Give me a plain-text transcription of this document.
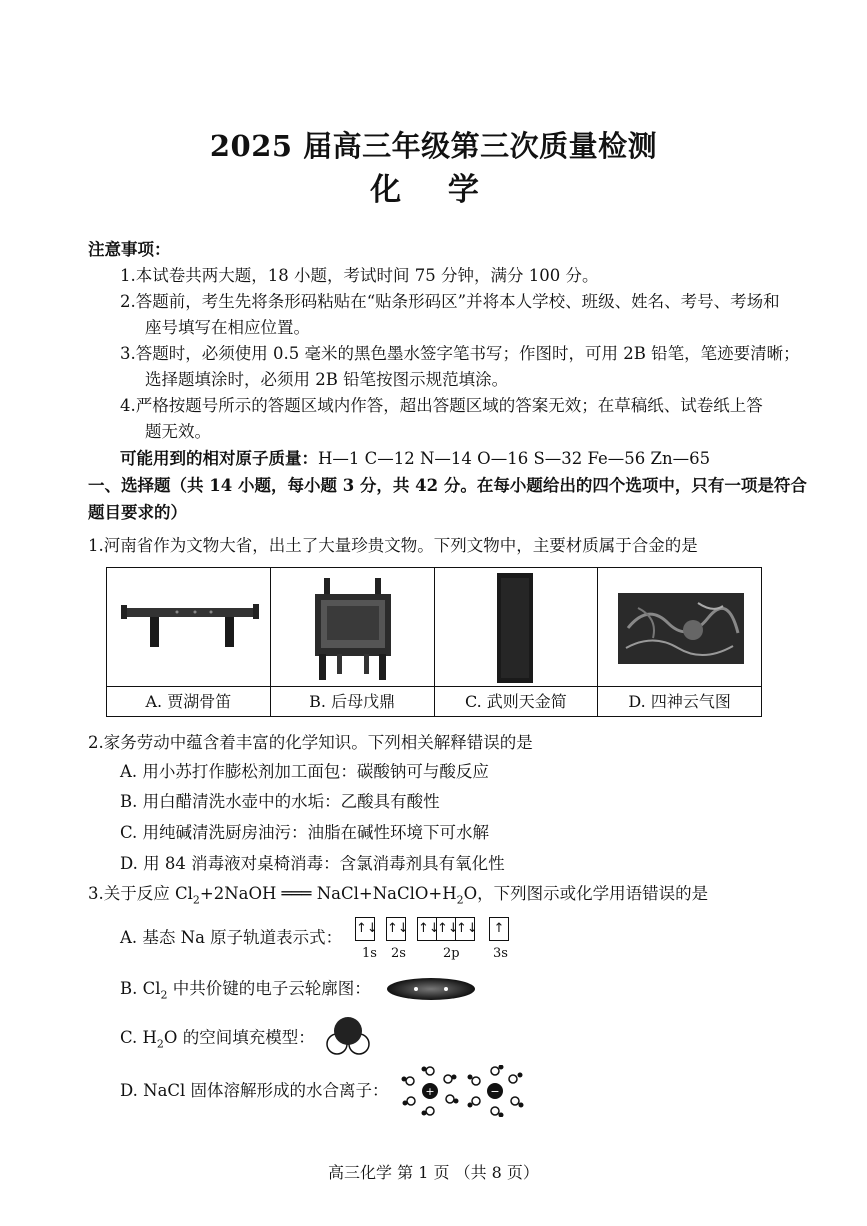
2025 届高三年级第三次质量检测
化 学
注意事项：
1.本试卷共两大题，18 小题，考试时间 75 分钟，满分 100 分。
2.答题前，考生先将条形码粘贴在“贴条形码区”并将本人学校、班级、姓名、考号、考场和
座号填写在相应位置。
3.答题时，必须使用 0.5 毫米的黑色墨水签字笔书写；作图时，可用 2B 铅笔，笔迹要清晰；
选择题填涂时，必须用 2B 铅笔按图示规范填涂。
4.严格按题号所示的答题区域内作答，超出答题区域的答案无效；在草稿纸、试卷纸上答
题无效。
可能用到的相对原子质量：H—1 C—12 N—14 O—16 S—32 Fe—56 Zn—65
一、选择题（共 14 小题，每小题 3 分，共 42 分。在每小题给出的四个选项中，只有一项是符合
题目要求的）
1.河南省作为文物大省，出土了大量珍贵文物。下列文物中，主要材质属于合金的是
A. 贾湖骨笛	B. 后母戊鼎	C. 武则天金简	D. 四神云气图
2.家务劳动中蕴含着丰富的化学知识。下列相关解释错误的是
A. 用小苏打作膨松剂加工面包：碳酸钠可与酸反应
B. 用白醋清洗水壶中的水垢：乙酸具有酸性
C. 用纯碱清洗厨房油污：油脂在碱性环境下可水解
D. 用 84 消毒液对桌椅消毒：含氯消毒剂具有氧化性
3.关于反应 $Cl_2+2NaOH$ ═══ $NaCl+NaClO+H_2O$，下列图示或化学用语错误的是
A. 基态 Na 原子轨道表示式： ↑↓ ↑↓ ↑↓
↑↓
↑↓ ↑
1s 2s	2p	3s
B. $Cl_2$ 中共价键的电子云轮廓图：
C. $H_2O$ 的空间填充模型：
D. NaCl 固体溶解形成的水合离子：	+	−
高三化学 第 1 页 （共 8 页）
